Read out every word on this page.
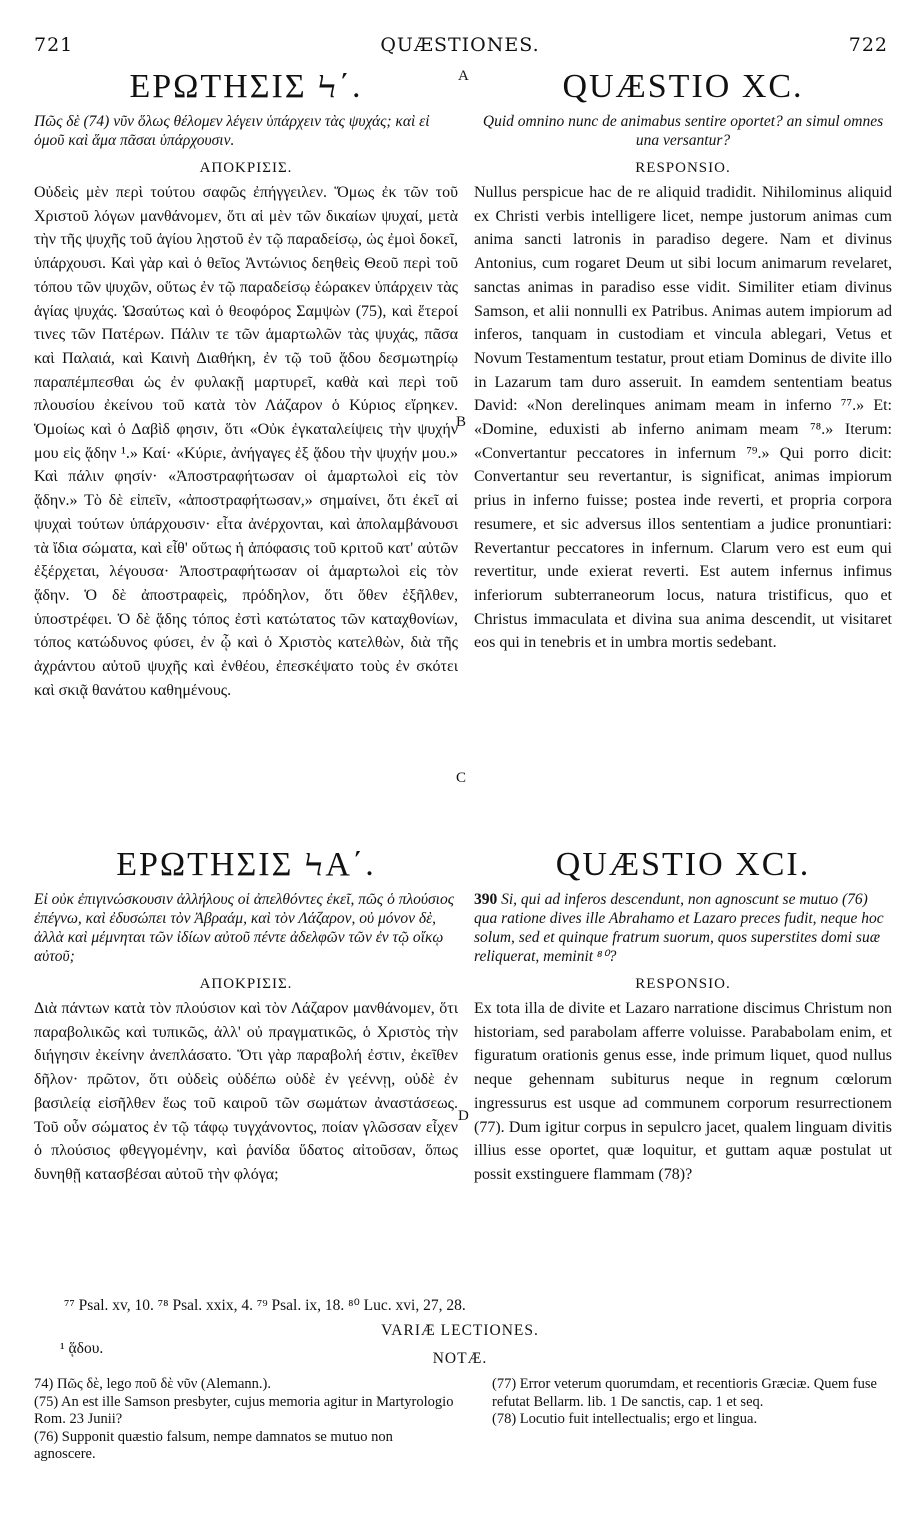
721	QUÆSTIONES.	722
A
B
C
D
ΕΡΩΤΗΣΙΣ Ϟ΄.

Πῶς δὲ (74) νῦν ὅλως θέλομεν λέγειν ὑπάρχειν τὰς ψυχάς; καὶ εἰ ὁμοῦ καὶ ἅμα πᾶσαι ὑπάρχουσιν.

ΑΠΟΚΡΙΣΙΣ.

Οὐδεὶς μὲν περὶ τούτου σαφῶς ἐπήγγειλεν. Ὅμως ἐκ τῶν τοῦ Χριστοῦ λόγων μανθάνομεν, ὅτι αἱ μὲν τῶν δικαίων ψυχαί, μετὰ τὴν τῆς ψυχῆς τοῦ ἁγίου λῃστοῦ ἐν τῷ παραδείσῳ, ὡς ἐμοὶ δοκεῖ, ὑπάρχουσι. Καὶ γὰρ καὶ ὁ θεῖος Ἀντώνιος δεηθεὶς Θεοῦ περὶ τοῦ τόπου τῶν ψυχῶν, οὕτως ἐν τῷ παραδείσῳ ἑώρακεν ὑπάρχειν τὰς ἁγίας ψυχάς. Ὡσαύτως καὶ ὁ θεοφόρος Σαμψὼν (75), καὶ ἕτεροί τινες τῶν Πατέρων. Πάλιν τε τῶν ἁμαρτωλῶν τὰς ψυχάς, πᾶσα καὶ Παλαιά, καὶ Καινὴ Διαθήκη, ἐν τῷ τοῦ ᾅδου δεσμωτηρίῳ παραπέμπεσθαι ὡς ἐν φυλακῇ μαρτυρεῖ, καθὰ καὶ περὶ τοῦ πλουσίου ἐκείνου τοῦ κατὰ τὸν Λάζαρον ὁ Κύριος εἴρηκεν. Ὁμοίως καὶ ὁ Δαβὶδ φησιν, ὅτι «Οὐκ ἐγκαταλείψεις τὴν ψυχήν μου εἰς ᾅδην ¹.» Καί· «Κύριε, ἀνήγαγες ἐξ ᾅδου τὴν ψυχήν μου.» Καὶ πάλιν φησίν· «Ἀποστραφήτωσαν οἱ ἁμαρτωλοὶ εἰς τὸν ᾅδην.» Τὸ δὲ εἰπεῖν, «ἀποστραφήτωσαν,» σημαίνει, ὅτι ἐκεῖ αἱ ψυχαὶ τούτων ὑπάρχουσιν· εἶτα ἀνέρχονται, καὶ ἀπολαμβάνουσι τὰ ἴδια σώματα, καὶ εἶθ' οὕτως ἡ ἀπόφασις τοῦ κριτοῦ κατ' αὐτῶν ἐξέρχεται, λέγουσα· Ἀποστραφήτωσαν οἱ ἁμαρτωλοὶ εἰς τὸν ᾅδην. Ὁ δὲ ἀποστραφεὶς, πρόδηλον, ὅτι ὅθεν ἐξῆλθεν, ὑποστρέφει. Ὁ δὲ ᾅδης τόπος ἐστὶ κατώτατος τῶν καταχθονίων, τόπος κατώδυνος φύσει, ἐν ᾧ καὶ ὁ Χριστὸς κατελθὼν, διὰ τῆς ἀχράντου αὐτοῦ ψυχῆς καὶ ἐνθέου, ἐπεσκέψατο τοὺς ἐν σκότει καὶ σκιᾷ θανάτου καθημένους.

QUÆSTIO XC.

Quid omnino nunc de animabus sentire oportet? an simul omnes una versantur?

RESPONSIO.

Nullus perspicue hac de re aliquid tradidit. Nihilominus aliquid ex Christi verbis intelligere licet, nempe justorum animas cum anima sancti latronis in paradiso degere. Nam et divinus Antonius, cum rogaret Deum ut sibi locum animarum revelaret, sanctas animas in paradiso esse vidit. Similiter etiam divinus Samson, et alii nonnulli ex Patribus. Animas autem impiorum ad inferos, tanquam in custodiam et vincula ablegari, Vetus et Novum Testamentum testatur, prout etiam Dominus de divite illo in Lazarum tam duro asseruit. In eamdem sententiam beatus David: «Non derelinques animam meam in inferno ⁷⁷.» Et: «Domine, eduxisti ab inferno animam meam ⁷⁸.» Iterum: «Convertantur peccatores in infernum ⁷⁹.» Qui porro dicit: Convertantur seu revertantur, is significat, animas impiorum prius in inferno fuisse; postea inde reverti, et propria corpora resumere, et sic adversus illos sententiam a judice pronuntiari: Revertantur peccatores in infernum. Clarum vero est eum qui revertitur, unde exierat reverti. Est autem infernus infimus inferiorum subterraneorum locus, natura tristificus, quo et Christus immaculata et divina sua anima descendit, ut visitaret eos qui in tenebris et in umbra mortis sedebant.

ΕΡΩΤΗΣΙΣ ϞΑ΄.

Εἰ οὐκ ἐπιγινώσκουσιν ἀλλήλους οἱ ἀπελθόντες ἐκεῖ, πῶς ὁ πλούσιος ἐπέγνω, καὶ ἐδυσώπει τὸν Ἀβραάμ, καὶ τὸν Λάζαρον, οὐ μόνον δὲ, ἀλλὰ καὶ μέμνηται τῶν ἰδίων αὐτοῦ πέντε ἀδελφῶν τῶν ἐν τῷ οἴκῳ αὐτοῦ;

ΑΠΟΚΡΙΣΙΣ.

Διὰ πάντων κατὰ τὸν πλούσιον καὶ τὸν Λάζαρον μανθάνομεν, ὅτι παραβολικῶς καὶ τυπικῶς, ἀλλ' οὐ πραγματικῶς, ὁ Χριστὸς τὴν διήγησιν ἐκείνην ἀνεπλάσατο. Ὅτι γὰρ παραβολή ἐστιν, ἐκεῖθεν δῆλον· πρῶτον, ὅτι οὐδεὶς οὐδέπω οὐδὲ ἐν γεέννῃ, οὐδὲ ἐν βασιλείᾳ εἰσῆλθεν ἕως τοῦ καιροῦ τῶν σωμάτων ἀναστάσεως. Τοῦ οὖν σώματος ἐν τῷ τάφῳ τυγχάνοντος, ποίαν γλῶσσαν εἶχεν ὁ πλούσιος φθεγγομένην, καὶ ῥανίδα ὕδατος αἰτοῦσαν, ὅπως δυνηθῇ κατασβέσαι αὐτοῦ τὴν φλόγα;

QUÆSTIO XCI.

390 Si, qui ad inferos descendunt, non agnoscunt se mutuo (76) qua ratione dives ille Abrahamo et Lazaro preces fudit, neque hoc solum, sed et quinque fratrum suorum, quos superstites domi suæ reliquerat, meminit ⁸⁰?

RESPONSIO.

Ex tota illa de divite et Lazaro narratione discimus Christum non historiam, sed parabolam afferre voluisse. Parababolam enim, et figuratum orationis genus esse, inde primum liquet, quod nullus neque gehennam subiturus neque in regnum cœlorum ingressurus est usque ad communem corporum resurrectionem (77). Dum igitur corpus in sepulcro jacet, qualem linguam divitis illius esse oportet, quæ loquitur, et guttam aquæ postulat ut possit exstinguere flammam (78)?

⁷⁷ Psal. xv, 10. ⁷⁸ Psal. xxix, 4. ⁷⁹ Psal. ix, 18. ⁸⁰ Luc. xvi, 27, 28.
VARIÆ LECTIONES.
¹ ᾅδου.
NOTÆ.

74) Πῶς δὲ, lego ποῦ δὲ νῦν (Alemann.).

(75) An est ille Samson presbyter, cujus memoria agitur in Martyrologio Rom. 23 Junii?

(76) Supponit quæstio falsum, nempe damnatos se mutuo non agnoscere.

(77) Error veterum quorumdam, et recentioris Græciæ. Quem fuse refutat Bellarm. lib. 1 De sanctis, cap. 1 et seq.

(78) Locutio fuit intellectualis; ergo et lingua.
